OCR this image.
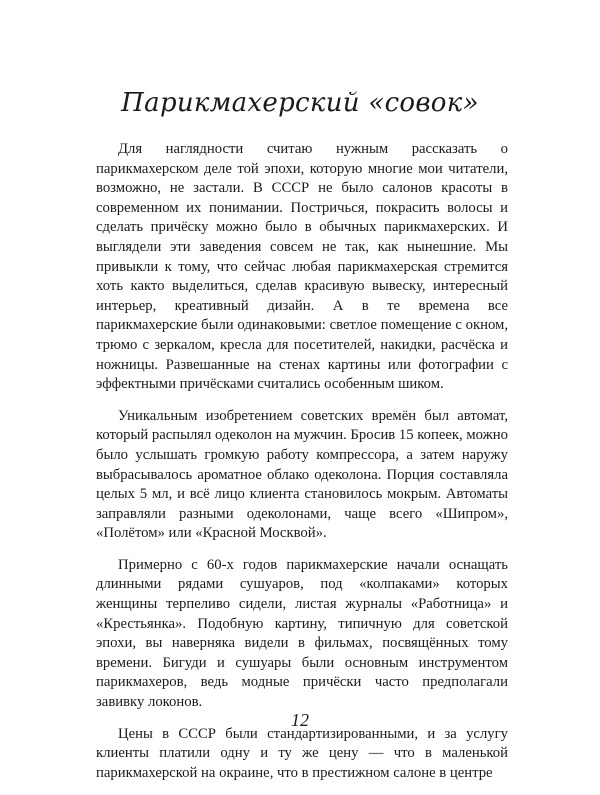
Парикмахерский «совок»

Для наглядности считаю нужным рассказать о парикмахерском деле той эпохи, которую многие мои читатели, возможно, не застали. В СССР не было салонов красоты в современном их понимании. Постричься, покрасить волосы и сделать причёску можно было в обычных парикмахерских. И выглядели эти заведения совсем не так, как нынешние. Мы привыкли к тому, что сейчас любая парикмахерская стремится хоть както выделиться, сделав красивую вывеску, интересный интерьер, креативный дизайн. А в те времена все парикмахерские были одинаковыми: светлое помещение с окном, трюмо с зеркалом, кресла для посетителей, накидки, расчёска и ножницы. Развешанные на стенах картины или фотографии с эффектными причёсками считались особенным шиком.

Уникальным изобретением советских времён был автомат, который распылял одеколон на мужчин. Бросив 15 копеек, можно было услышать громкую работу компрессора, а затем наружу выбрасывалось ароматное облако одеколона. Порция составляла целых 5 мл, и всё лицо клиента становилось мокрым. Автоматы заправляли разными одеколонами, чаще всего «Шипром», «Полётом» или «Красной Москвой».

Примерно с 60-х годов парикмахерские начали оснащать длинными рядами сушуаров, под «колпаками» которых женщины терпеливо сидели, листая журналы «Работница» и «Крестьянка». Подобную картину, типичную для советской эпохи, вы наверняка видели в фильмах, посвящённых тому времени. Бигуди и сушуары были основным инструментом парикмахеров, ведь модные причёски часто предполагали завивку локонов.

Цены в СССР были стандартизированными, и за услугу клиенты платили одну и ту же цену — что в маленькой парикмахерской на окраине, что в престижном салоне в центре

12
